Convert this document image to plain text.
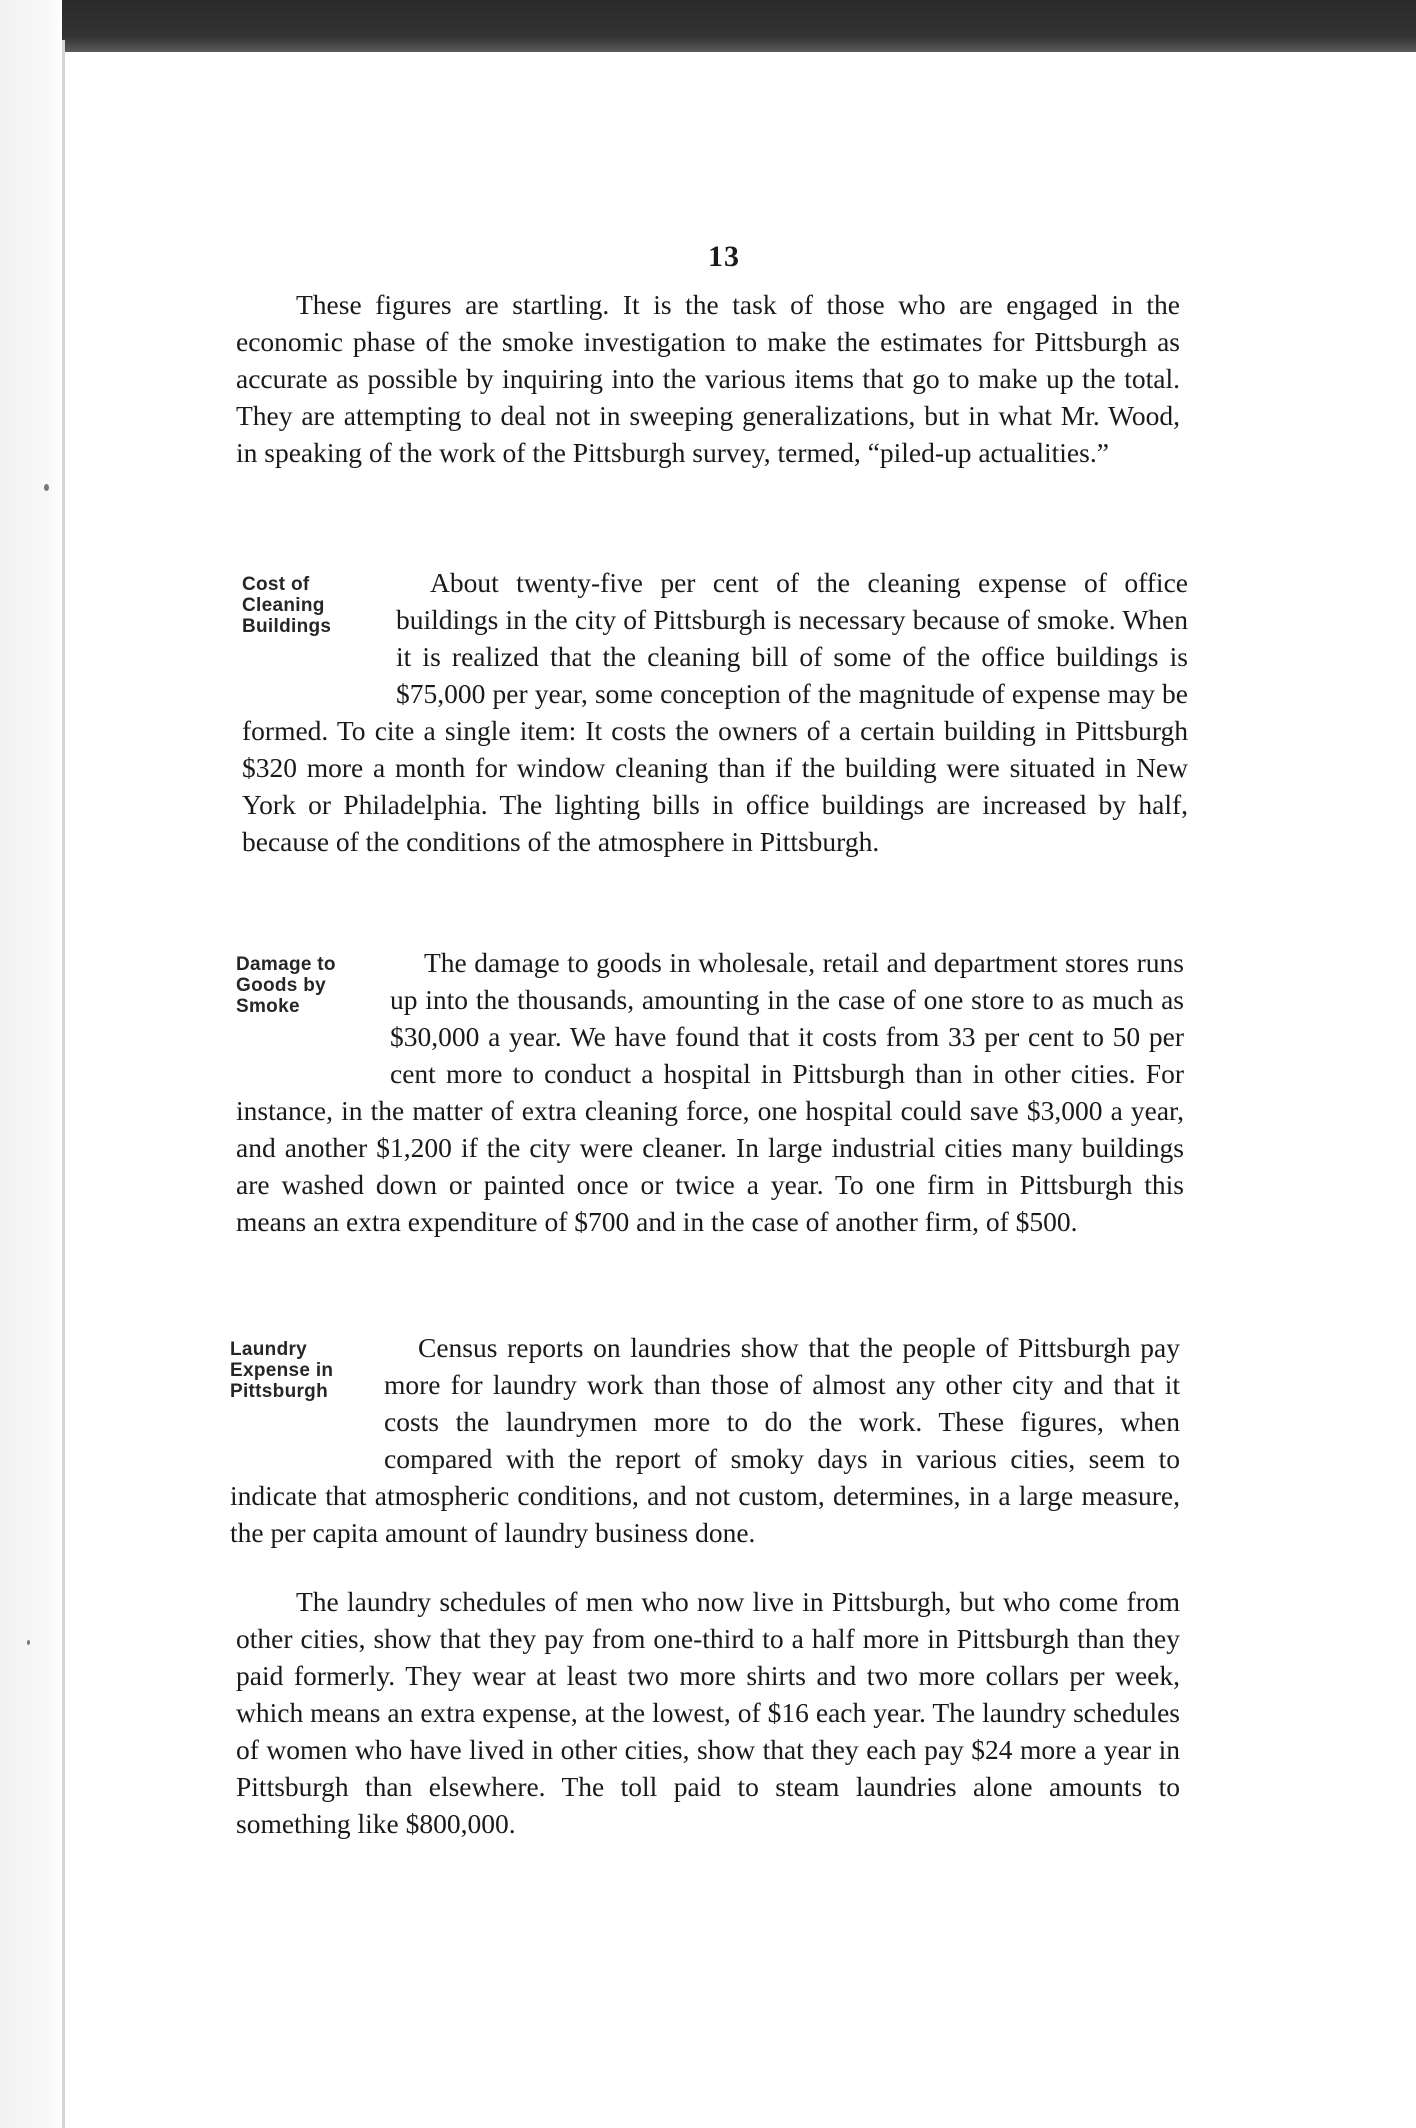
13

These figures are startling. It is the task of those who are engaged in the economic phase of the smoke investigation to make the estimates for Pittsburgh as accurate as possible by inquiring into the various items that go to make up the total. They are attempting to deal not in sweeping generalizations, but in what Mr. Wood, in speaking of the work of the Pittsburgh survey, termed, “piled-up actualities.”

Cost of
Cleaning
Buildings

About twenty-five per cent of the cleaning expense of office buildings in the city of Pittsburgh is necessary because of smoke. When it is realized that the cleaning bill of some of the office buildings is $75,000 per year, some conception of the magnitude of expense may be formed. To cite a single item: It costs the owners of a certain building in Pittsburgh $320 more a month for window cleaning than if the building were situated in New York or Philadelphia. The lighting bills in office buildings are increased by half, because of the conditions of the atmosphere in Pittsburgh.

Damage to
Goods by
Smoke

The damage to goods in wholesale, retail and department stores runs up into the thousands, amounting in the case of one store to as much as $30,000 a year. We have found that it costs from 33 per cent to 50 per cent more to conduct a hospital in Pittsburgh than in other cities. For instance, in the matter of extra cleaning force, one hospital could save $3,000 a year, and another $1,200 if the city were cleaner. In large industrial cities many buildings are washed down or painted once or twice a year. To one firm in Pittsburgh this means an extra expenditure of $700 and in the case of another firm, of $500.

Laundry
Expense in
Pittsburgh

Census reports on laundries show that the people of Pittsburgh pay more for laundry work than those of almost any other city and that it costs the laundrymen more to do the work. These figures, when compared with the report of smoky days in various cities, seem to indicate that atmospheric conditions, and not custom, determines, in a large measure, the per capita amount of laundry business done.

The laundry schedules of men who now live in Pittsburgh, but who come from other cities, show that they pay from one-third to a half more in Pittsburgh than they paid formerly. They wear at least two more shirts and two more collars per week, which means an extra expense, at the lowest, of $16 each year. The laundry schedules of women who have lived in other cities, show that they each pay $24 more a year in Pittsburgh than elsewhere. The toll paid to steam laundries alone amounts to something like $800,000.
